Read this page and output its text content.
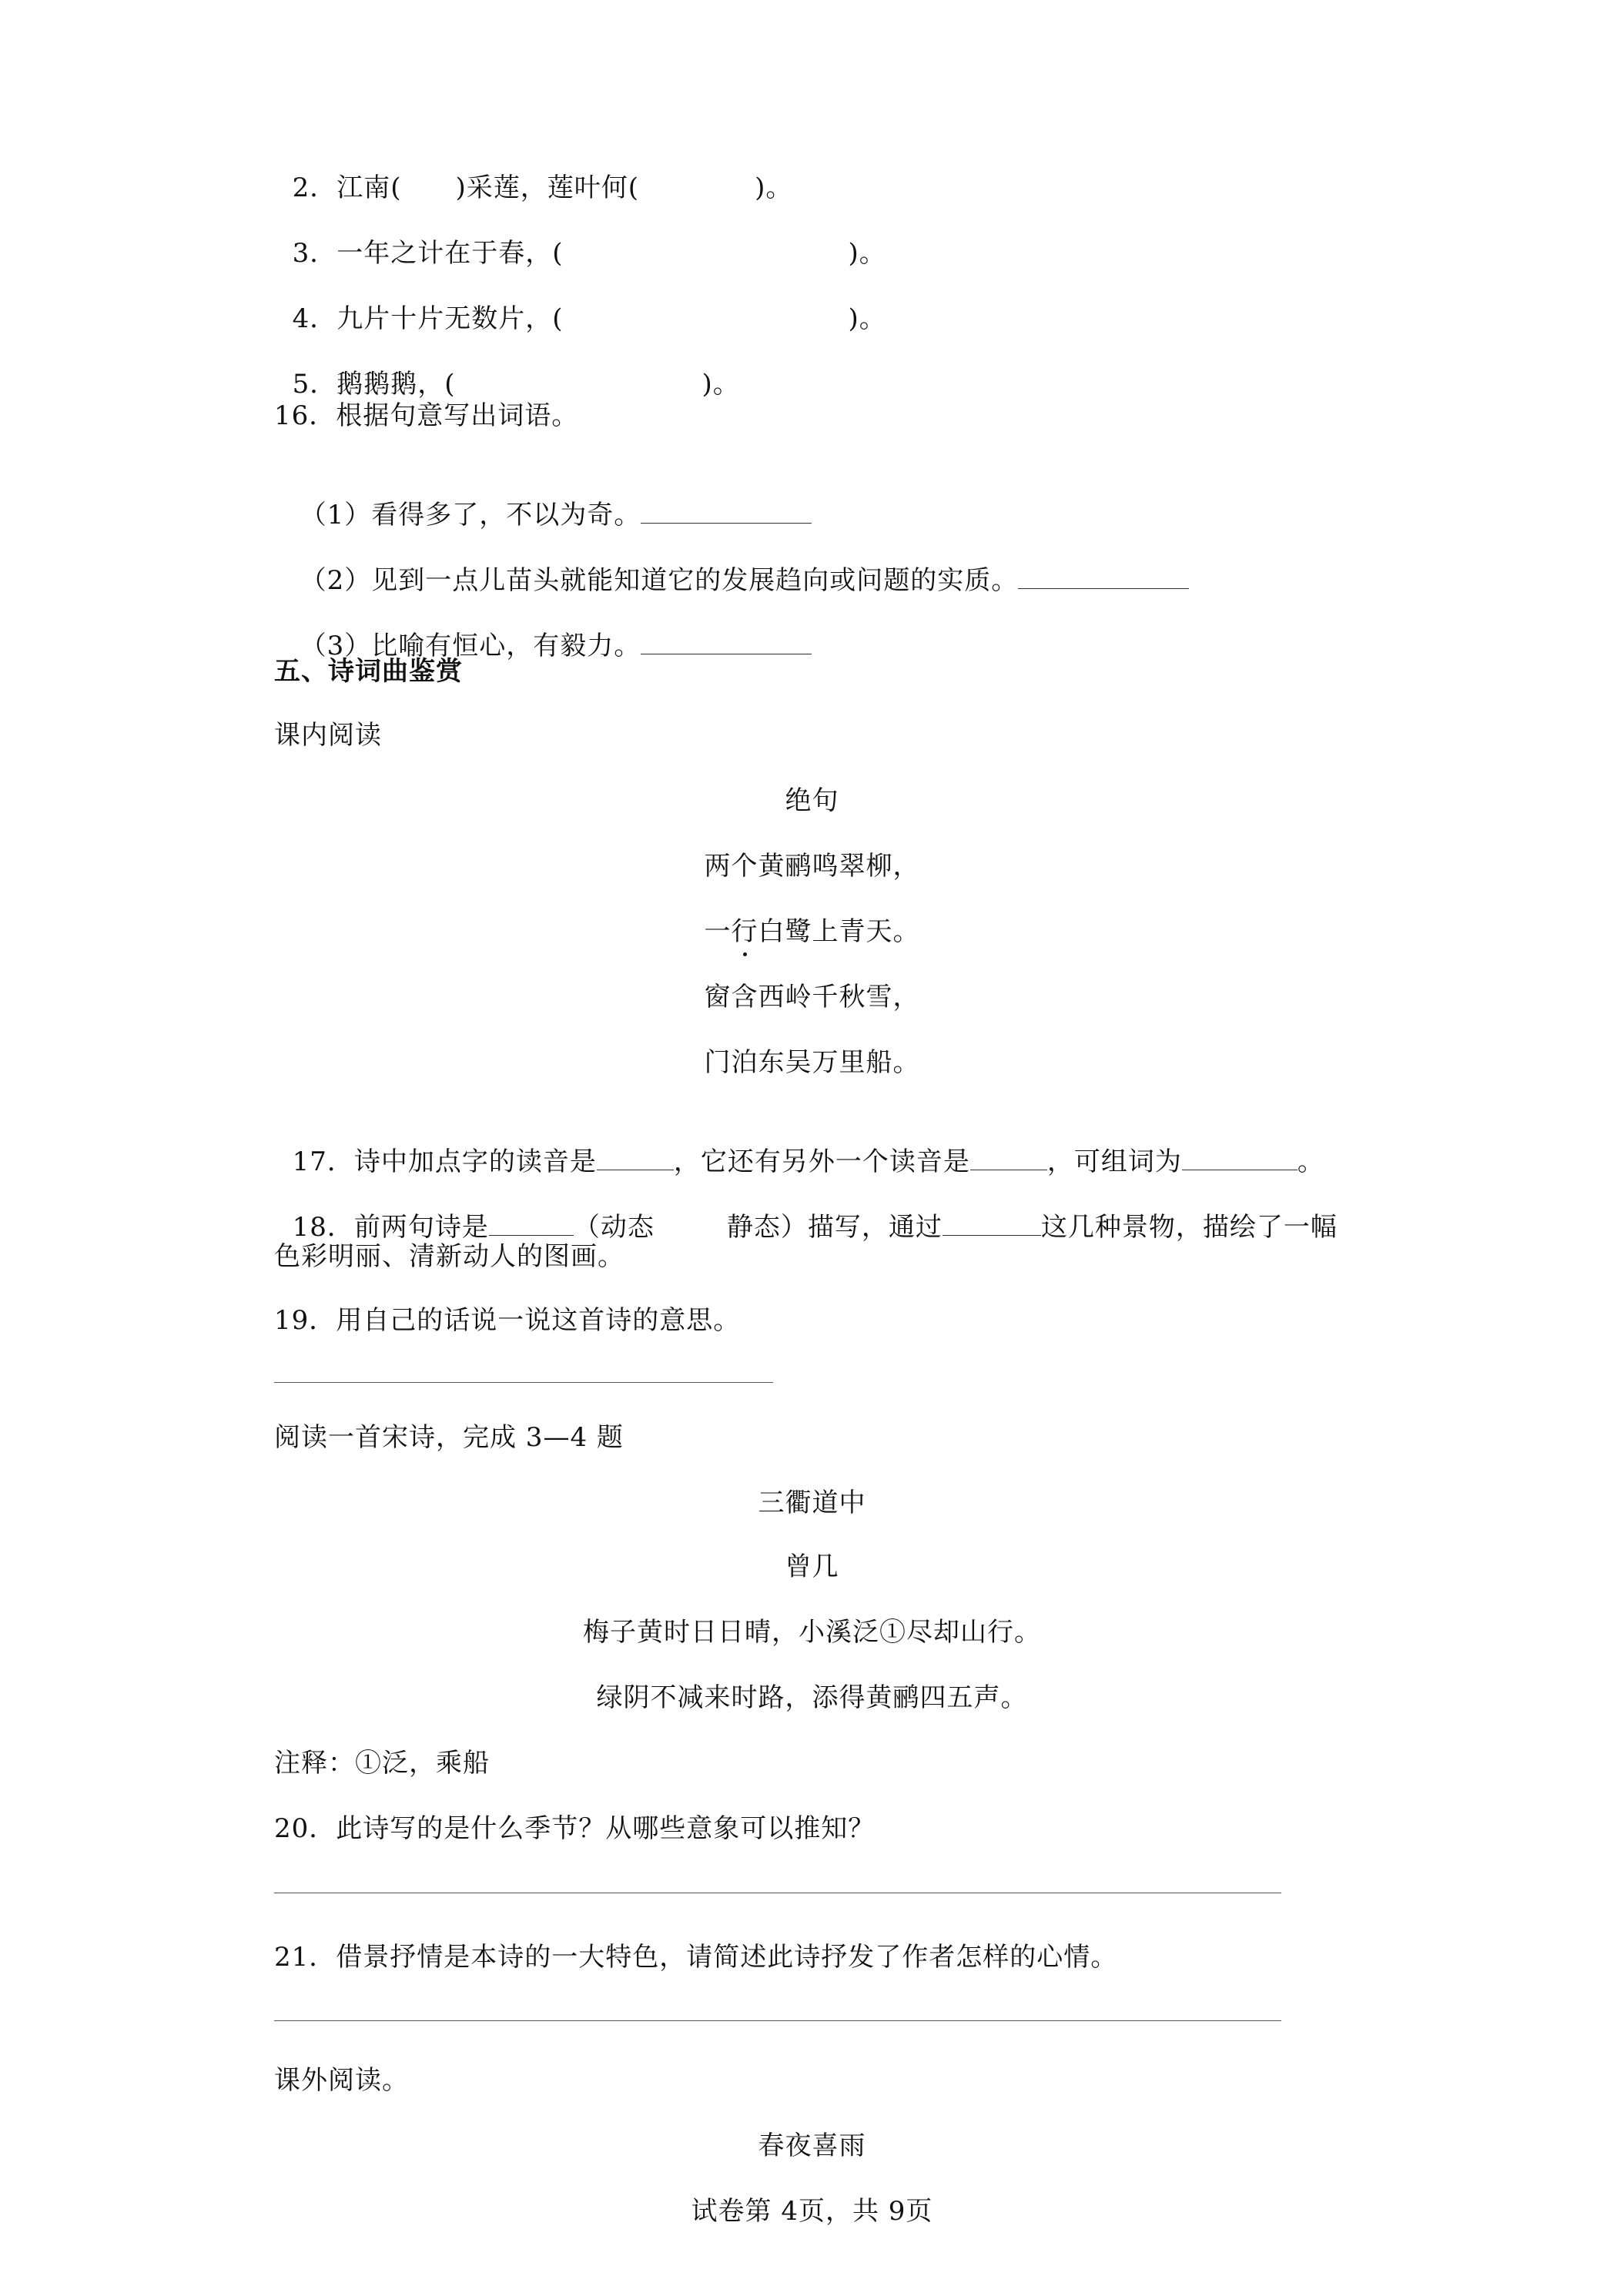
2．江南( )采莲，莲叶何(	)。

3．一年之计在于春，(	)。

4．九片十片无数片，(	)。

5．鹅鹅鹅，(	)。

16．根据句意写出词语。

（1）看得多了，不以为奇。

（2）见到一点儿苗头就能知道它的发展趋向或问题的实质。

（3）比喻有恒心，有毅力。

五、诗词曲鉴赏
课内阅读
绝句
两个黄鹂鸣翠柳，
一行白鹭上青天。
窗含西岭千秋雪，
门泊东吴万里船。

17．诗中加点字的读音是	，它还有另外一个读音是	，可组词为	。

18．前两句诗是	（动态	静态）描写，通过	这几种景物，描绘了一幅

色彩明丽、清新动人的图画。
19．用自己的话说一说这首诗的意思。
阅读一首宋诗，完成 3—4 题
三衢道中
曾几
梅子黄时日日晴，小溪泛①尽却山行。
绿阴不减来时路，添得黄鹂四五声。
注释：①泛，乘船
20．此诗写的是什么季节？从哪些意象可以推知？
21．借景抒情是本诗的一大特色，请简述此诗抒发了作者怎样的心情。
课外阅读。
春夜喜雨
试卷第 4页，共 9页
